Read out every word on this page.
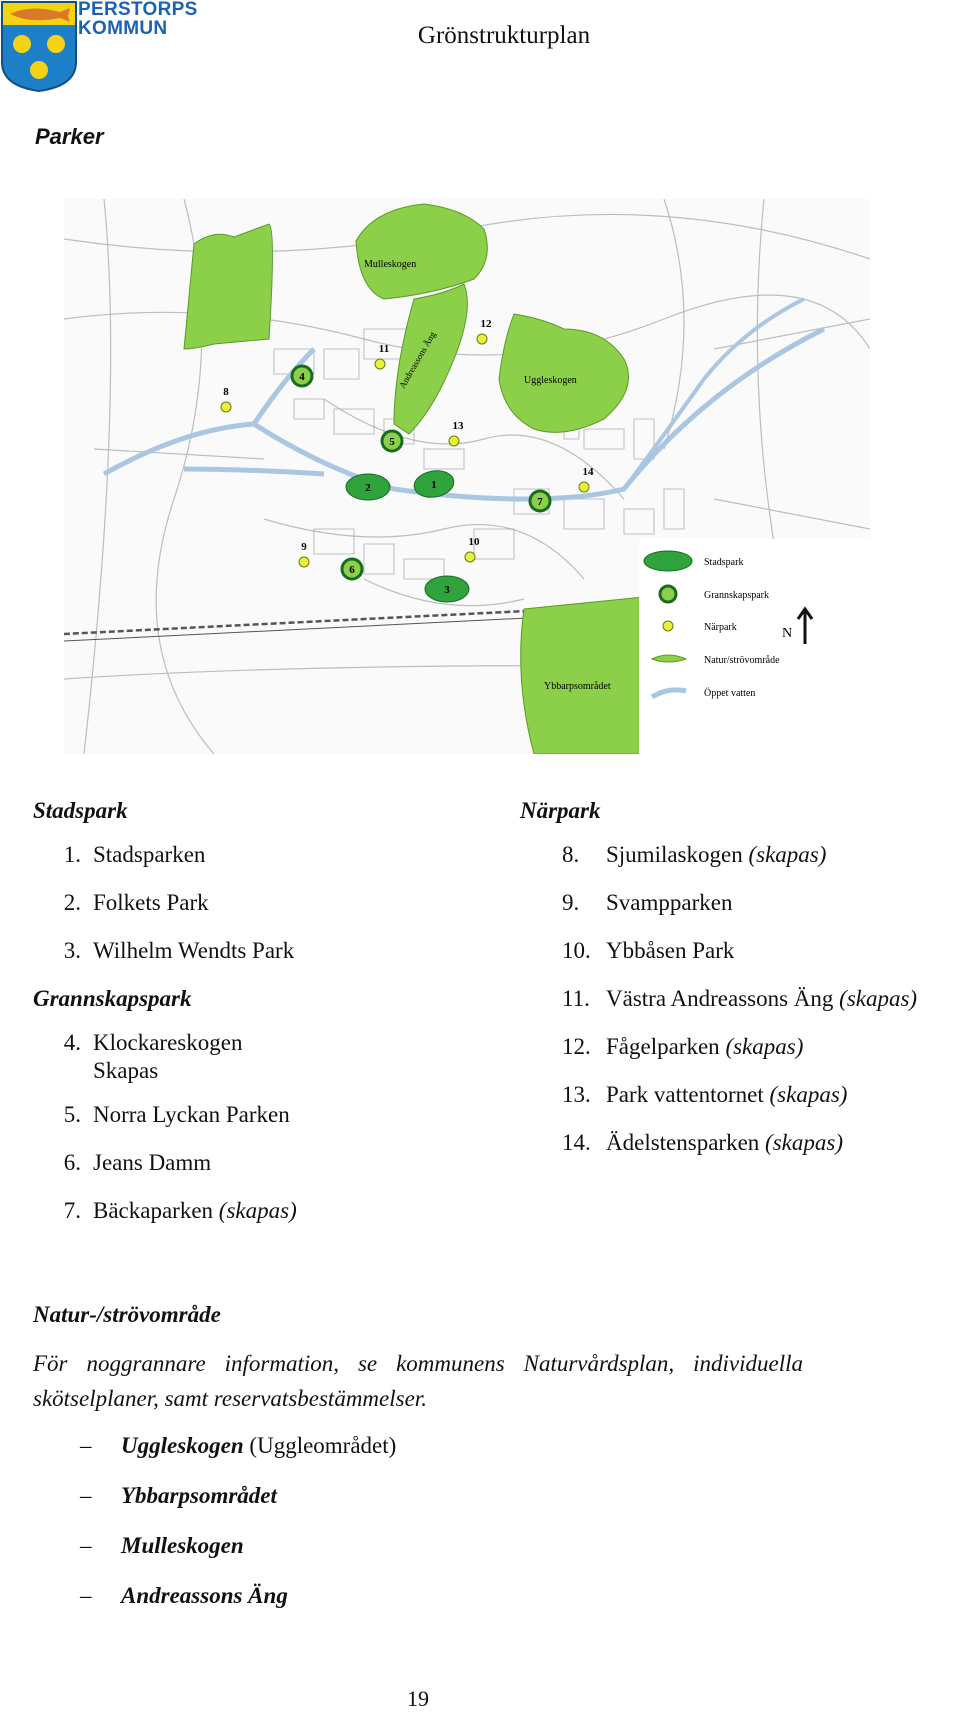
PERSTORPS
KOMMUN	Grönstrukturplan
Parker
Mulleskogen
Andreassons Äng	Uggleskogen
Ybbarpsområdet
1
2
3
4
5
6
7
8
9	10
11
12
13
14
Stadspark
Grannskapspark
Närpark
Natur/strövområde
Öppet vatten
N
Stadspark
1. Stadsparken
2. Folkets Park
3. Wilhelm Wendts Park
Grannskapspark
4. Klockareskogen
Skapas
5. Norra Lyckan Parken
6. Jeans Damm
7. Bäckaparken (skapas)
Närpark
8.	Sjumilaskogen (skapas)
9.	Svampparken
10. Ybbåsen Park
11. Västra Andreassons Äng (skapas)
12. Fågelparken (skapas)
13. Park vattentornet (skapas)
14. Ädelstensparken (skapas)
Natur-/strövområde
För noggrannare information, se kommunens Naturvårdsplan, individuella skötselplaner, samt reservatsbestämmelser.
–	Uggleskogen (Uggleområdet)
–	Ybbarpsområdet
–	Mulleskogen
–	Andreassons Äng
19
